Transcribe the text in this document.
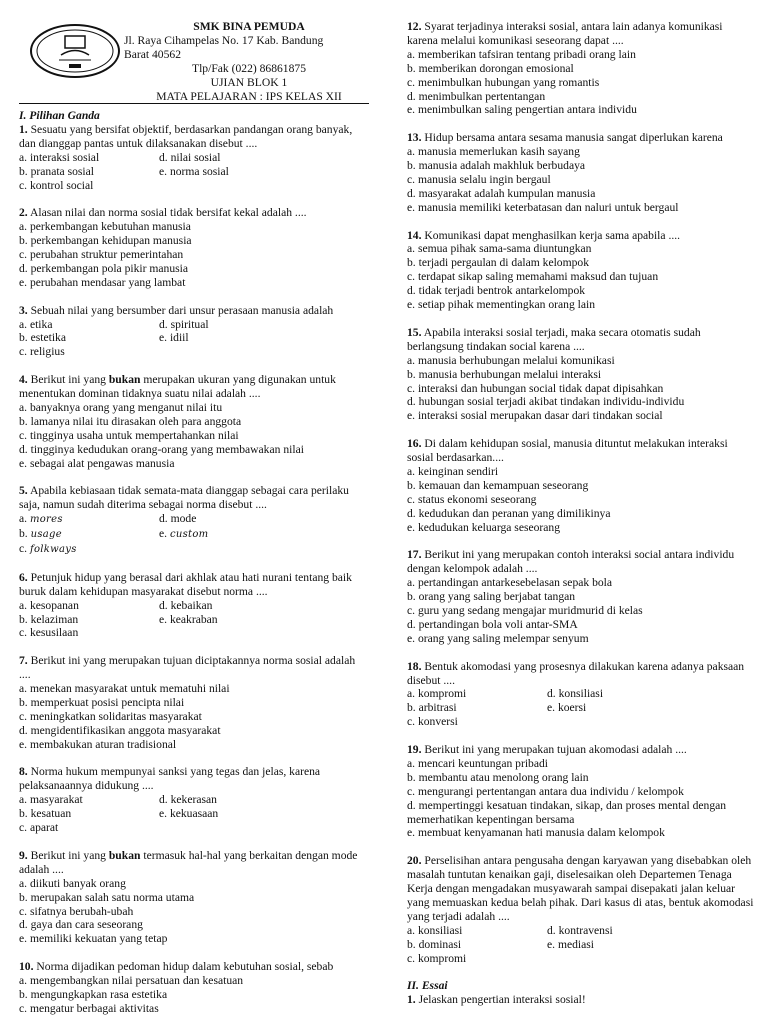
SMK BINA PEMUDA
Jl. Raya Cihampelas No. 17 Kab. Bandung
Barat 40562
Tlp/Fak (022) 86861875
UJIAN BLOK 1
MATA PELAJARAN : IPS KELAS XII

I. Pilihan Ganda

1. Sesuatu yang bersifat objektif, berdasarkan pandangan orang banyak, dan dianggap pantas untuk dilaksanakan disebut ....

a. interaksi sosial	d. nilai sosial
b. pranata sosial	e. norma sosial
c. kontrol social

2. Alasan nilai dan norma sosial tidak bersifat kekal adalah ....

a. perkembangan kebutuhan manusia
b. perkembangan kehidupan manusia
c. perubahan struktur pemerintahan
d. perkembangan pola pikir manusia
e. perubahan mendasar yang lambat

3. Sebuah nilai yang bersumber dari unsur perasaan manusia adalah

a. etika	d. spiritual
b. estetika	e. idiil
c. religius

4. Berikut ini yang bukan merupakan ukuran yang digunakan untuk menentukan dominan tidaknya suatu nilai adalah ....

a. banyaknya orang yang menganut nilai itu
b. lamanya nilai itu dirasakan oleh para anggota
c. tingginya usaha untuk mempertahankan nilai
d. tingginya kedudukan orang-orang yang membawakan nilai
e. sebagai alat pengawas manusia

5. Apabila kebiasaan tidak semata-mata dianggap sebagai cara perilaku saja, namun sudah diterima sebagai norma disebut ....

a. mores	d. mode
b. usage	e. custom
c. folkways

6. Petunjuk hidup yang berasal dari akhlak atau hati nurani tentang baik buruk dalam kehidupan masyarakat disebut norma ....

a. kesopanan	d. kebaikan
b. kelaziman	e. keakraban
c. kesusilaan

7. Berikut ini yang merupakan tujuan diciptakannya norma sosial adalah ....

a. menekan masyarakat untuk mematuhi nilai
b. memperkuat posisi pencipta nilai
c. meningkatkan solidaritas masyarakat
d. mengidentifikasikan anggota masyarakat
e. membakukan aturan tradisional

8. Norma hukum mempunyai sanksi yang tegas dan jelas, karena pelaksanaannya didukung ....

a. masyarakat	d. kekerasan
b. kesatuan	e. kekuasaan
c. aparat

9. Berikut ini yang bukan termasuk hal-hal yang berkaitan dengan mode adalah ....

a. diikuti banyak orang
b. merupakan salah satu norma utama
c. sifatnya berubah-ubah
d. gaya dan cara seseorang
e. memiliki kekuatan yang tetap

10. Norma dijadikan pedoman hidup dalam kebutuhan sosial, sebab

a. mengembangkan nilai persatuan dan kesatuan
b. mengungkapkan rasa estetika
c. mengatur berbagai aktivitas

12. Syarat terjadinya interaksi sosial, antara lain adanya komunikasi karena melalui komunikasi seseorang dapat ....

a. memberikan tafsiran tentang pribadi orang lain
b. memberikan dorongan emosional
c. menimbulkan hubungan yang romantis
d. menimbulkan pertentangan
e. menimbulkan saling pengertian antara individu

13. Hidup bersama antara sesama manusia sangat diperlukan karena

a. manusia memerlukan kasih sayang
b. manusia adalah makhluk berbudaya
c. manusia selalu ingin bergaul
d. masyarakat adalah kumpulan manusia
e. manusia memiliki keterbatasan dan naluri untuk bergaul

14. Komunikasi dapat menghasilkan kerja sama apabila ....

a. semua pihak sama-sama diuntungkan
b. terjadi pergaulan di dalam kelompok
c. terdapat sikap saling memahami maksud dan tujuan
d. tidak terjadi bentrok antarkelompok
e. setiap pihak mementingkan orang lain

15. Apabila interaksi sosial terjadi, maka secara otomatis sudah berlangsung tindakan social karena ....

a. manusia berhubungan melalui komunikasi
b. manusia berhubungan melalui interaksi
c. interaksi dan hubungan social tidak dapat dipisahkan
d. hubungan sosial terjadi akibat tindakan individu-individu
e. interaksi sosial merupakan dasar dari tindakan social

16. Di dalam kehidupan sosial, manusia dituntut melakukan interaksi sosial berdasarkan....

a. keinginan sendiri
b. kemauan dan kemampuan seseorang
c. status ekonomi seseorang
d. kedudukan dan peranan yang dimilikinya
e. kedudukan keluarga seseorang

17. Berikut ini yang merupakan contoh interaksi social antara individu dengan kelompok adalah ....

a. pertandingan antarkesebelasan sepak bola
b. orang yang saling berjabat tangan
c. guru yang sedang mengajar muridmurid di kelas
d. pertandingan bola voli antar-SMA
e. orang yang saling melempar senyum

18. Bentuk akomodasi yang prosesnya dilakukan karena adanya paksaan disebut ....

a. kompromi	d. konsiliasi
b. arbitrasi	e. koersi
c. konversi

19. Berikut ini yang merupakan tujuan akomodasi adalah ....

a. mencari keuntungan pribadi
b. membantu atau menolong orang lain
c. mengurangi pertentangan antara dua individu / kelompok

d. mempertinggi kesatuan tindakan, sikap, dan proses mental dengan memerhatikan kepentingan bersama

e. membuat kenyamanan hati manusia dalam kelompok

20. Perselisihan antara pengusaha dengan karyawan yang disebabkan oleh masalah tuntutan kenaikan gaji, diselesaikan oleh Departemen Tenaga Kerja dengan mengadakan musyawarah sampai disepakati jalan keluar yang memuaskan kedua belah pihak. Dari kasus di atas, bentuk akomodasi yang terjadi adalah ....

a. konsiliasi	d. kontravensi
b. dominasi	e. mediasi
c. kompromi

II. Essai

1. Jelaskan pengertian interaksi sosial!
